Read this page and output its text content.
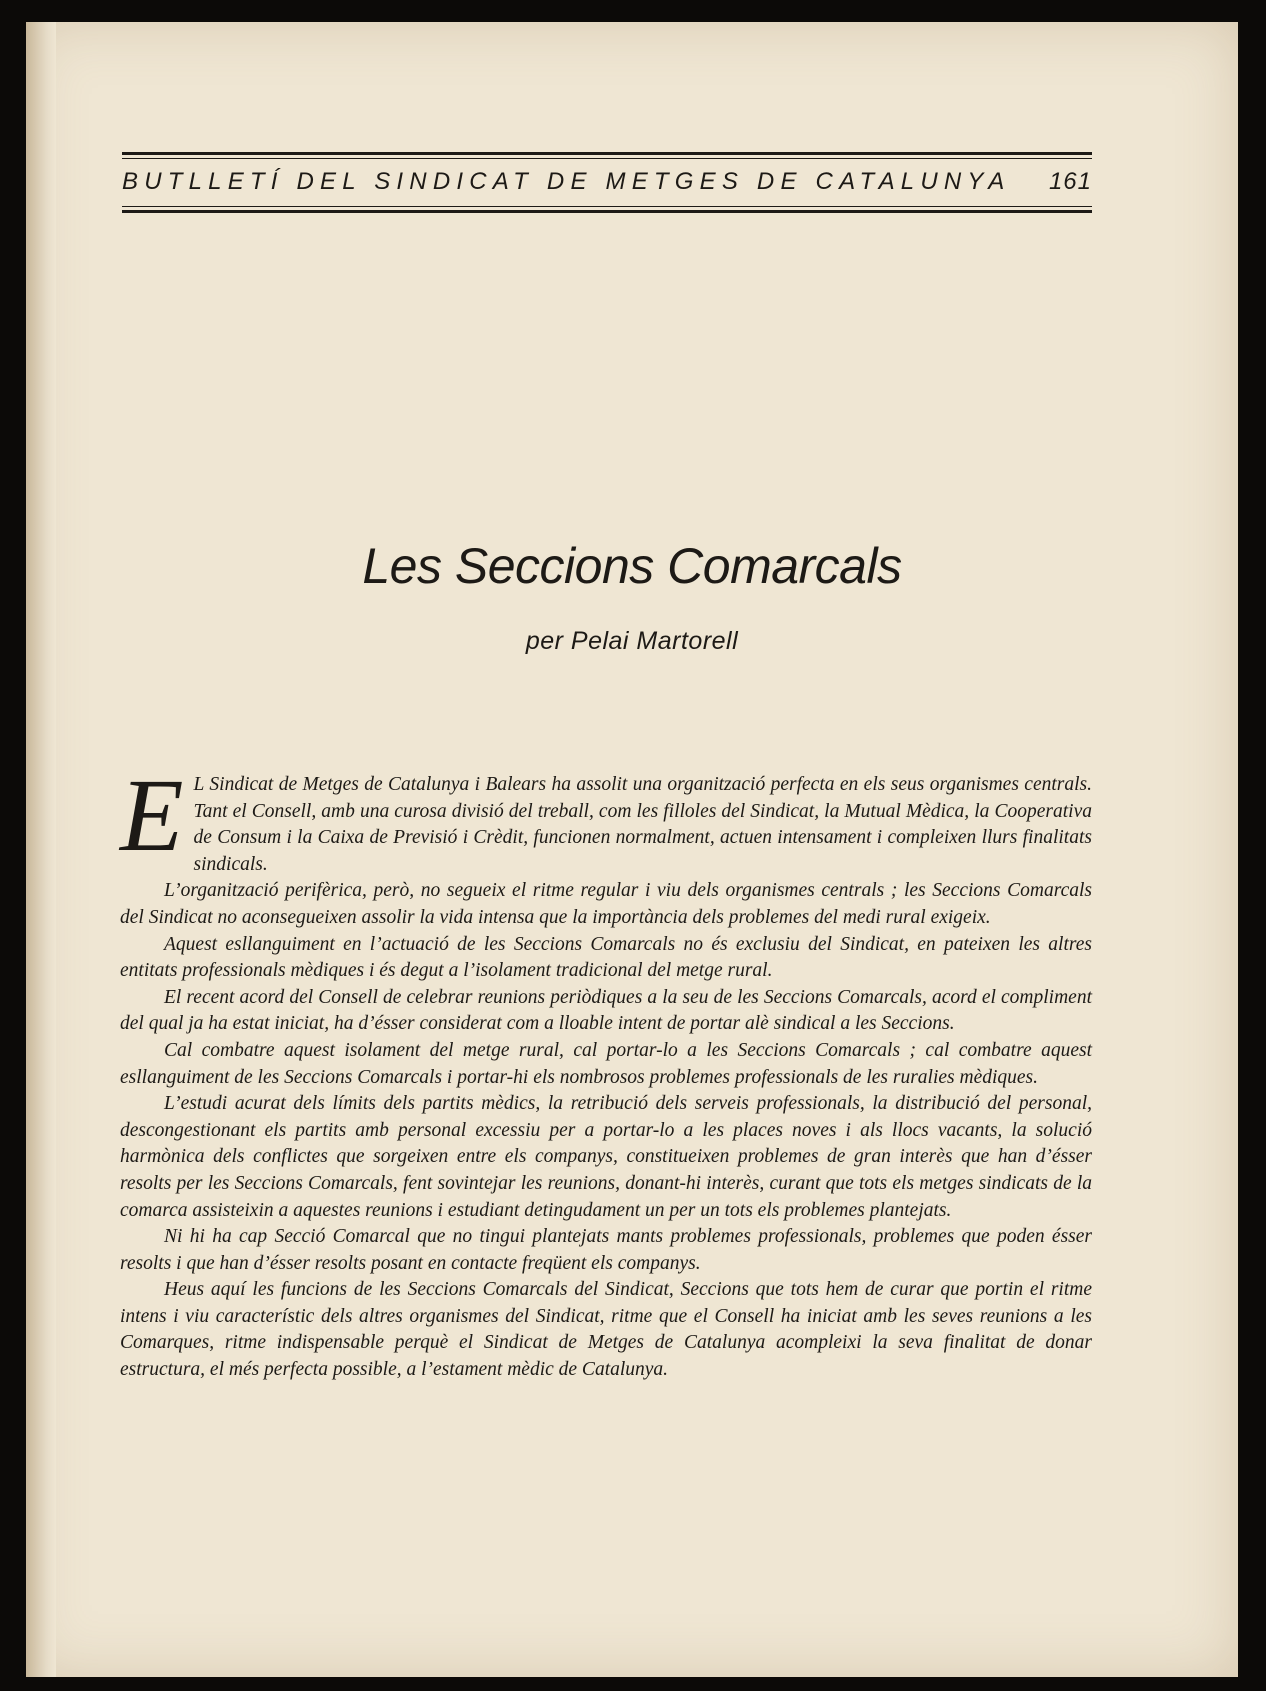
BUTLLETÍ DEL SINDICAT DE METGES DE CATALUNYA 161
Les Seccions Comarcals
per Pelai Martorell

E L Sindicat de Metges de Catalunya i Balears ha assolit una organització perfecta en els seus organismes centrals. Tant el Consell, amb una curosa divisió del treball, com les filloles del Sindicat, la Mutual Mèdica, la Cooperativa de Consum i la Caixa de Previsió i Crèdit, funcionen normalment, actuen intensament i compleixen llurs finalitats sindicals.

L’organització perifèrica, però, no segueix el ritme regular i viu dels organismes centrals ; les Seccions Comarcals del Sindicat no aconsegueixen assolir la vida intensa que la importància dels problemes del medi rural exigeix.

Aquest esllanguiment en l’actuació de les Seccions Comarcals no és exclusiu del Sindicat, en pateixen les altres entitats professionals mèdiques i és degut a l’isolament tradicional del metge rural.

El recent acord del Consell de celebrar reunions periòdiques a la seu de les Seccions Comarcals, acord el compliment del qual ja ha estat iniciat, ha d’ésser considerat com a lloable intent de portar alè sindical a les Seccions.

Cal combatre aquest isolament del metge rural, cal portar-lo a les Seccions Comarcals ; cal combatre aquest esllanguiment de les Seccions Comarcals i portar-hi els nombrosos problemes professionals de les ruralies mèdiques.

L’estudi acurat dels límits dels partits mèdics, la retribució dels serveis professionals, la distribució del personal, descongestionant els partits amb personal excessiu per a portar-lo a les places noves i als llocs vacants, la solució harmònica dels conflictes que sorgeixen entre els companys, constitueixen problemes de gran interès que han d’ésser resolts per les Seccions Comarcals, fent sovintejar les reunions, donant-hi interès, curant que tots els metges sindicats de la comarca assisteixin a aquestes reunions i estudiant detingudament un per un tots els problemes plantejats.

Ni hi ha cap Secció Comarcal que no tingui plantejats mants problemes professionals, problemes que poden ésser resolts i que han d’ésser resolts posant en contacte freqüent els companys.

Heus aquí les funcions de les Seccions Comarcals del Sindicat, Seccions que tots hem de curar que portin el ritme intens i viu característic dels altres organismes del Sindicat, ritme que el Consell ha iniciat amb les seves reunions a les Comarques, ritme indispensable perquè el Sindicat de Metges de Catalunya acompleixi la seva finalitat de donar estructura, el més perfecta possible, a l’estament mèdic de Catalunya.
